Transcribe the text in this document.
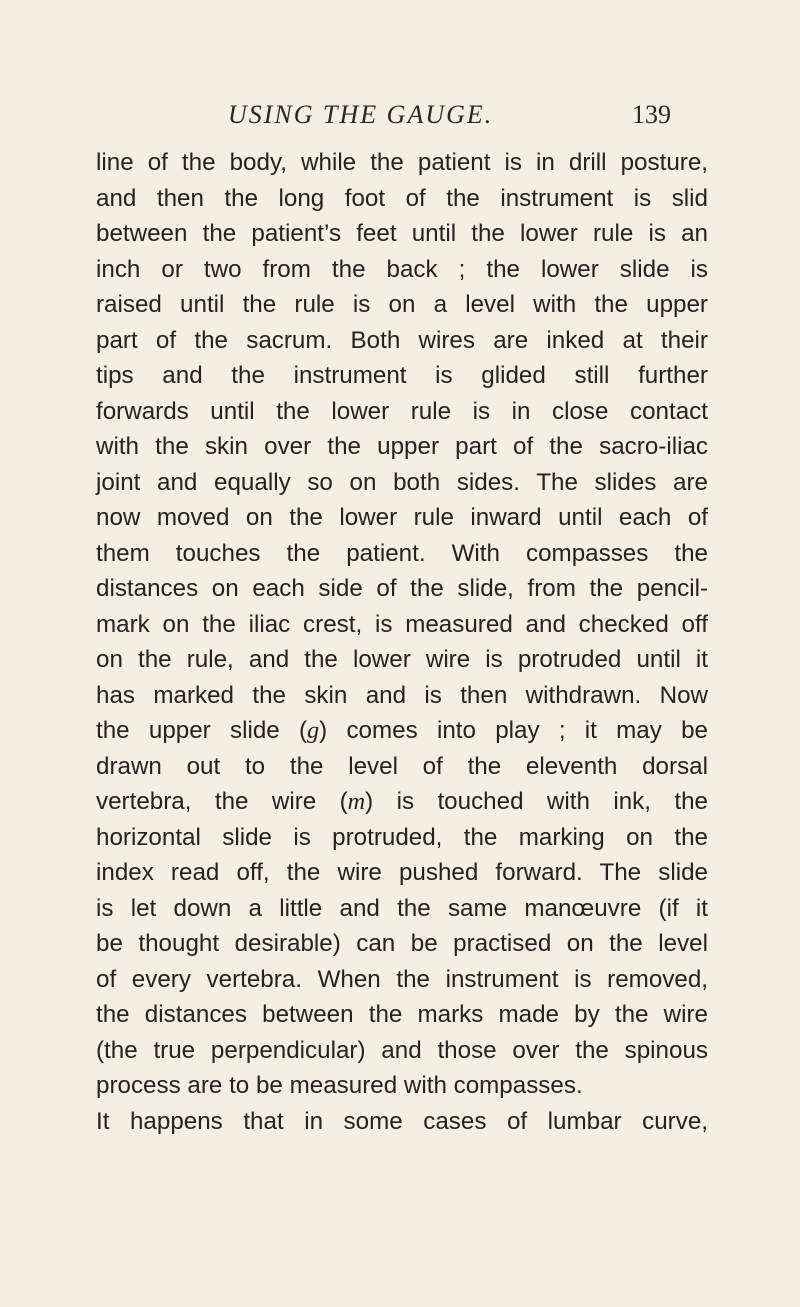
USING THE GAUGE.	139
line of the body, while the patient is in drill posture,
and then the long foot of the instrument is slid
between the patient’s feet until the lower rule is an
inch or two from the back ; the lower slide is
raised until the rule is on a level with the upper
part of the sacrum. Both wires are inked at their
tips and the instrument is glided still further
forwards until the lower rule is in close contact
with the skin over the upper part of the sacro-iliac
joint and equally so on both sides. The slides are
now moved on the lower rule inward until each of
them touches the patient. With compasses the
distances on each side of the slide, from the pencil-
mark on the iliac crest, is measured and checked off
on the rule, and the lower wire is protruded until it
has marked the skin and is then withdrawn. Now
the upper slide (g) comes into play ; it may be
drawn out to the level of the eleventh dorsal
vertebra, the wire (m) is touched with ink, the
horizontal slide is protruded, the marking on the
index read off, the wire pushed forward. The slide
is let down a little and the same manœuvre (if it
be thought desirable) can be practised on the level
of every vertebra. When the instrument is removed,
the distances between the marks made by the wire
(the true perpendicular) and those over the spinous
process are to be measured with compasses.
It happens that in some cases of lumbar curve,
